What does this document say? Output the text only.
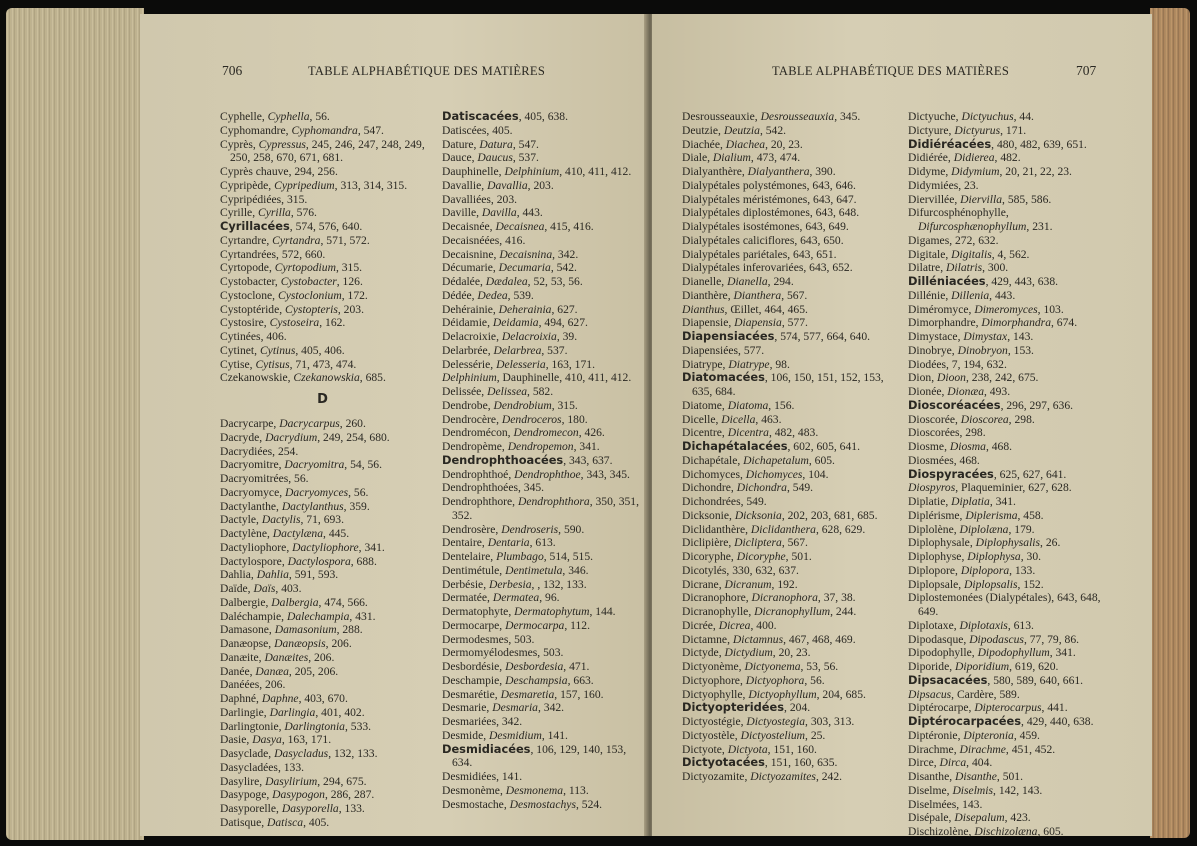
706	TABLE ALPHABÉTIQUE DES MATIÈRES
Cyphelle, Cyphella, 56.
Cyphomandre, Cyphomandra, 547.
Cyprès, Cypressus, 245, 246, 247, 248, 249, 250, 258, 670, 671, 681.
Cyprès chauve, 294, 256.
Cypripède, Cypripedium, 313, 314, 315.
Cypripédiées, 315.
Cyrille, Cyrilla, 576.
Cyrillacées, 574, 576, 640.
Cyrtandre, Cyrtandra, 571, 572.
Cyrtandrées, 572, 660.
Cyrtopode, Cyrtopodium, 315.
Cystobacter, Cystobacter, 126.
Cystoclone, Cystoclonium, 172.
Cystoptéride, Cystopteris, 203.
Cystosire, Cystoseira, 162.
Cytinées, 406.
Cytinet, Cytinus, 405, 406.
Cytise, Cytisus, 71, 473, 474.
Czekanowskie, Czekanowskia, 685.
D
Dacrycarpe, Dacrycarpus, 260.
Dacryde, Dacrydium, 249, 254, 680.
Dacrydiées, 254.
Dacryomitre, Dacryomitra, 54, 56.
Dacryomitrées, 56.
Dacryomyce, Dacryomyces, 56.
Dactylanthe, Dactylanthus, 359.
Dactyle, Dactylis, 71, 693.
Dactylène, Dactylæna, 445.
Dactyliophore, Dactyliophore, 341.
Dactylospore, Dactylospora, 688.
Dahlia, Dahlia, 591, 593.
Daïde, Daïs, 403.
Dalbergie, Dalbergia, 474, 566.
Daléchampie, Dalechampia, 431.
Damasone, Damasonium, 288.
Danæopse, Danæopsis, 206.
Danæite, Danæites, 206.
Danée, Danæa, 205, 206.
Danéées, 206.
Daphné, Daphne, 403, 670.
Darlingie, Darlingia, 401, 402.
Darlingtonie, Darlingtonia, 533.
Dasie, Dasya, 163, 171.
Dasyclade, Dasycladus, 132, 133.
Dasycladées, 133.
Dasylire, Dasylirium, 294, 675.
Dasypoge, Dasypogon, 286, 287.
Dasyporelle, Dasyporella, 133.
Datisque, Datisca, 405.
Datiscacées, 405, 638.
Datiscées, 405.
Dature, Datura, 547.
Dauce, Daucus, 537.
Dauphinelle, Delphinium, 410, 411, 412.
Davallie, Davallia, 203.
Davalliées, 203.
Daville, Davilla, 443.
Decaisnée, Decaisnea, 415, 416.
Decaisnéées, 416.
Decaisnine, Decaisnina, 342.
Décumarie, Decumaria, 542.
Dédalée, Dædalea, 52, 53, 56.
Dédée, Dedea, 539.
Dehérainie, Deherainia, 627.
Déidamie, Deidamia, 494, 627.
Delacroixie, Delacroixia, 39.
Delarbrée, Delarbrea, 537.
Delessérie, Delesseria, 163, 171.
Delphinium, Dauphinelle, 410, 411, 412.
Delissée, Delissea, 582.
Dendrobe, Dendrobium, 315.
Dendrocère, Dendroceros, 180.
Dendromécon, Dendromecon, 426.
Dendropème, Dendropemon, 341.
Dendrophthoacées, 343, 637.
Dendrophthoé, Dendrophthoe, 343, 345.
Dendrophthoées, 345.
Dendrophthore, Dendrophthora, 350, 351, 352.
Dendrosère, Dendroseris, 590.
Dentaire, Dentaria, 613.
Dentelaire, Plumbago, 514, 515.
Dentimétule, Dentimetula, 346.
Derbésie, Derbesia, , 132, 133.
Dermatée, Dermatea, 96.
Dermatophyte, Dermatophytum, 144.
Dermocarpe, Dermocarpa, 112.
Dermodesmes, 503.
Dermomyélodesmes, 503.
Desbordésie, Desbordesia, 471.
Deschampie, Deschampsia, 663.
Desmarétie, Desmaretia, 157, 160.
Desmarie, Desmaria, 342.
Desmariées, 342.
Desmide, Desmidium, 141.
Desmidiacées, 106, 129, 140, 153, 634.
Desmidiées, 141.
Desmonème, Desmonema, 113.
Desmostache, Desmostachys, 524.
TABLE ALPHABÉTIQUE DES MATIÈRES	707
Desrousseauxie, Desrousseauxia, 345.
Deutzie, Deutzia, 542.
Diachée, Diachea, 20, 23.
Diale, Dialium, 473, 474.
Dialyanthère, Dialyanthera, 390.
Dialypétales polystémones, 643, 646.
Dialypétales méristémones, 643, 647.
Dialypétales diplostémones, 643, 648.
Dialypétales isostémones, 643, 649.
Dialypétales caliciflores, 643, 650.
Dialypétales pariétales, 643, 651.
Dialypétales inferovariées, 643, 652.
Dianelle, Dianella, 294.
Dianthère, Dianthera, 567.
Dianthus, Œillet, 464, 465.
Diapensie, Diapensia, 577.
Diapensiacées, 574, 577, 664, 640.
Diapensiées, 577.
Diatrype, Diatrype, 98.
Diatomacées, 106, 150, 151, 152, 153, 635, 684.
Diatome, Diatoma, 156.
Dicelle, Dicella, 463.
Dicentre, Dicentra, 482, 483.
Dichapétalacées, 602, 605, 641.
Dichapétale, Dichapetalum, 605.
Dichomyces, Dichomyces, 104.
Dichondre, Dichondra, 549.
Dichondrées, 549.
Dicksonie, Dicksonia, 202, 203, 681, 685.
Diclidanthère, Diclidanthera, 628, 629.
Diclipière, Dicliptera, 567.
Dicoryphe, Dicoryphe, 501.
Dicotylés, 330, 632, 637.
Dicrane, Dicranum, 192.
Dicranophore, Dicranophora, 37, 38.
Dicranophylle, Dicranophyllum, 244.
Dicrée, Dicrea, 400.
Dictamne, Dictamnus, 467, 468, 469.
Dictyde, Dictydium, 20, 23.
Dictyonème, Dictyonema, 53, 56.
Dictyophore, Dictyophora, 56.
Dictyophylle, Dictyophyllum, 204, 685.
Dictyopteridées, 204.
Dictyostégie, Dictyostegia, 303, 313.
Dictyostèle, Dictyostelium, 25.
Dictyote, Dictyota, 151, 160.
Dictyotacées, 151, 160, 635.
Dictyozamite, Dictyozamites, 242.
Dictyuche, Dictyuchus, 44.
Dictyure, Dictyurus, 171.
Didiéréacées, 480, 482, 639, 651.
Didiérée, Didierea, 482.
Didyme, Didymium, 20, 21, 22, 23.
Didymiées, 23.
Diervillée, Diervilla, 585, 586.
Difurcosphénophylle, Difurcosphænophyllum, 231.
Digames, 272, 632.
Digitale, Digitalis, 4, 562.
Dilatre, Dilatris, 300.
Dilléniacées, 429, 443, 638.
Dillénie, Dillenia, 443.
Diméromyce, Dimeromyces, 103.
Dimorphandre, Dimorphandra, 674.
Dimystace, Dimystax, 143.
Dinobrye, Dinobryon, 153.
Diodées, 7, 194, 632.
Dion, Dioon, 238, 242, 675.
Dionée, Dionæa, 493.
Dioscoréacées, 296, 297, 636.
Dioscorée, Dioscorea, 298.
Dioscorées, 298.
Diosme, Diosma, 468.
Diosmées, 468.
Diospyracées, 625, 627, 641.
Diospyros, Plaqueminier, 627, 628.
Diplatie, Diplatia, 341.
Diplérisme, Diplerisma, 458.
Diplolène, Diplolæna, 179.
Diplophysale, Diplophysalis, 26.
Diplophyse, Diplophysa, 30.
Diplopore, Diplopora, 133.
Diplopsale, Diplopsalis, 152.
Diplostemonées (Dialypétales), 643, 648, 649.
Diplotaxe, Diplotaxis, 613.
Dipodasque, Dipodascus, 77, 79, 86.
Dipodophylle, Dipodophyllum, 341.
Diporide, Diporidium, 619, 620.
Dipsacacées, 580, 589, 640, 661.
Dipsacus, Cardère, 589.
Diptérocarpe, Dipterocarpus, 441.
Diptérocarpacées, 429, 440, 638.
Diptéronie, Dipteronia, 459.
Dirachme, Dirachme, 451, 452.
Dirce, Dirca, 404.
Disanthe, Disanthe, 501.
Diselme, Diselmis, 142, 143.
Diselmées, 143.
Disépale, Disepalum, 423.
Dischizolène, Dischizolæna, 605.
